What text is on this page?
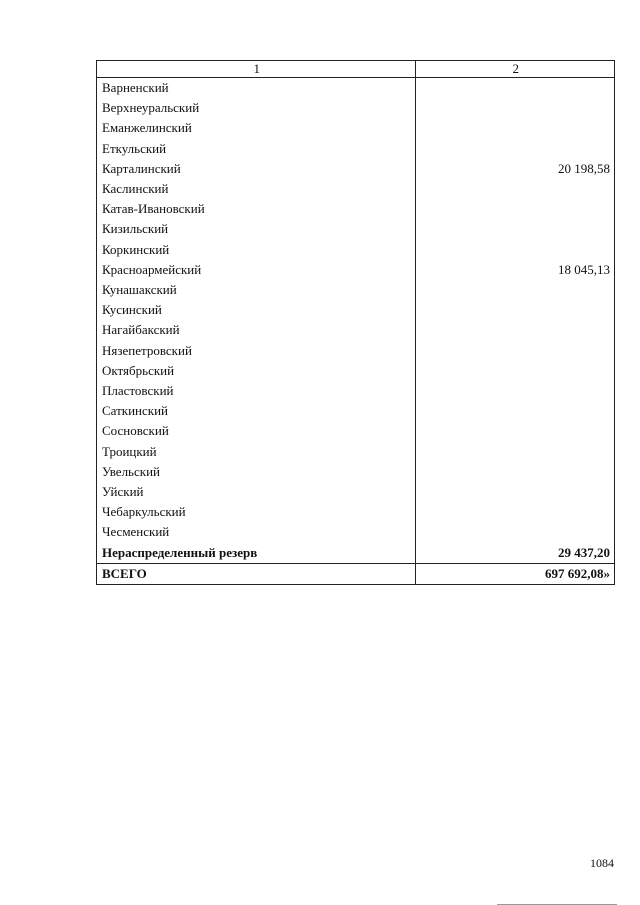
1	2
Варненский	
Верхнеуральский	
Еманжелинский	
Еткульский	
Карталинский	20 198,58
Каслинский	
Катав-Ивановский	
Кизильский	
Коркинский	
Красноармейский	18 045,13
Кунашакский	
Кусинский	
Нагайбакский	
Нязепетровский	
Октябрьский	
Пластовский	
Саткинский	
Сосновский	
Троицкий	
Увельский	
Уйский	
Чебаркульский	
Чесменский	
Нераспределенный резерв	29 437,20
ВСЕГО	697 692,08»
1084
